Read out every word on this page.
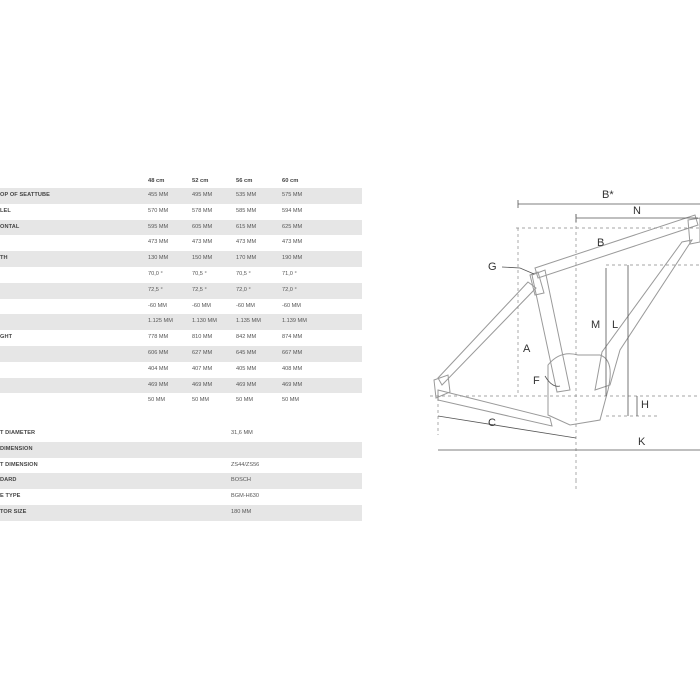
48 cm	52 cm	56 cm	60 cm
OP OF SEATTUBE	455 MM	495 MM	535 MM	575 MM
LEL	570 MM	578 MM	585 MM	594 MM
ONTAL	595 MM	605 MM	615 MM	625 MM
473 MM	473 MM	473 MM	473 MM
TH	130 MM	150 MM	170 MM	190 MM
70,0 °	70,5 °	70,5 °	71,0 °
72,5 °	72,5 °	72,0 °	72,0 °
-60 MM	-60 MM	-60 MM	-60 MM
1.125 MM	1.130 MM	1.135 MM	1.139 MM
GHT	778 MM	810 MM	842 MM	874 MM
606 MM	627 MM	645 MM	667 MM
404 MM	407 MM	405 MM	408 MM
469 MM	469 MM	469 MM	469 MM
50 MM	50 MM	50 MM	50 MM
T DIAMETER	31,6 MM
DIMENSION
T DIMENSION	ZS44/ZS56
DARD	BOSCH
E TYPE	BGM-H630
TOR SIZE	180 MM
B*
N
B
G
M L
A
F
H
C
K
